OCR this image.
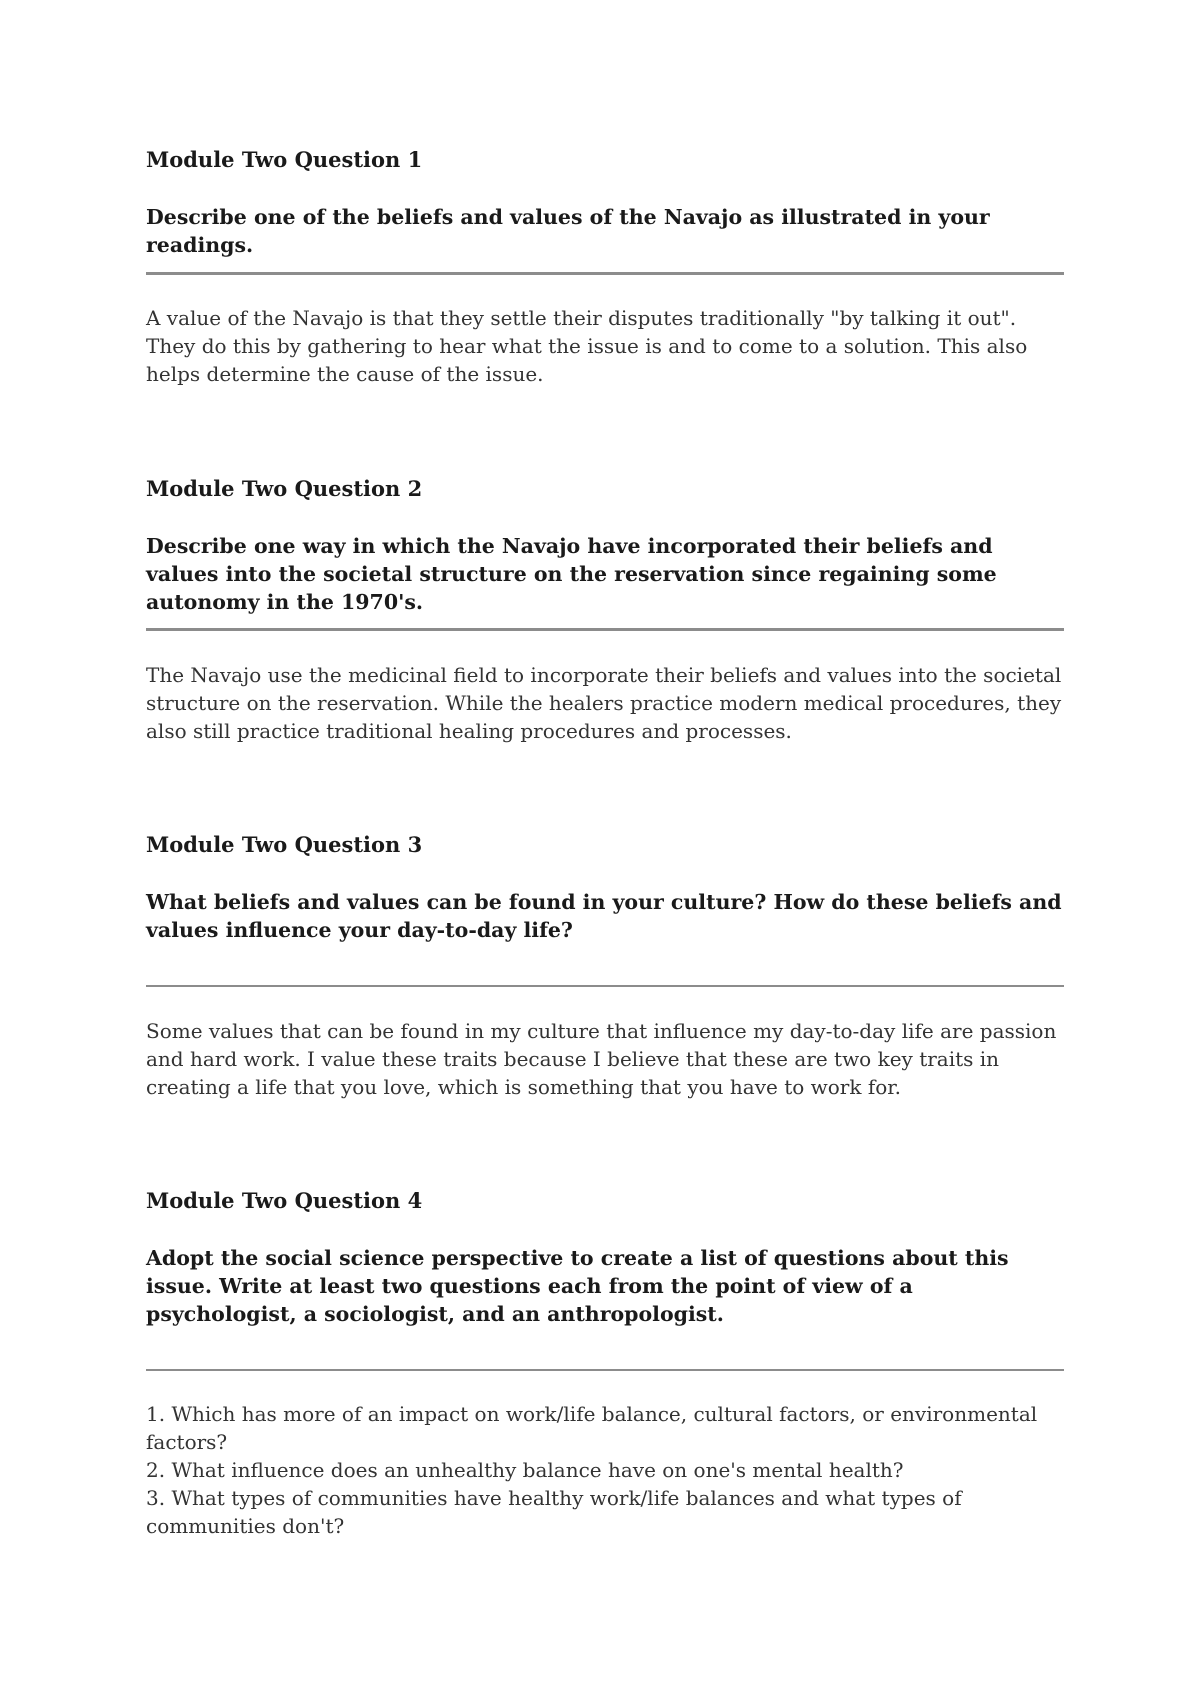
Module Two Question 1
Describe one of the beliefs and values of the Navajo as illustrated in your readings.
A value of the Navajo is that they settle their disputes traditionally "by talking it out". They do this by gathering to hear what the issue is and to come to a solution. This also helps determine the cause of the issue.
Module Two Question 2
Describe one way in which the Navajo have incorporated their beliefs and values into the societal structure on the reservation since regaining some autonomy in the 1970's.
The Navajo use the medicinal field to incorporate their beliefs and values into the societal structure on the reservation. While the healers practice modern medical procedures, they also still practice traditional healing procedures and processes.
Module Two Question 3
What beliefs and values can be found in your culture? How do these beliefs and values influence your day-to-day life?
Some values that can be found in my culture that influence my day-to-day life are passion and hard work. I value these traits because I believe that these are two key traits in creating a life that you love, which is something that you have to work for.
Module Two Question 4
Adopt the social science perspective to create a list of questions about this issue. Write at least two questions each from the point of view of a psychologist, a sociologist, and an anthropologist.
1. Which has more of an impact on work/life balance, cultural factors, or environmental factors?
2. What influence does an unhealthy balance have on one's mental health?
3. What types of communities have healthy work/life balances and what types of communities don't?
